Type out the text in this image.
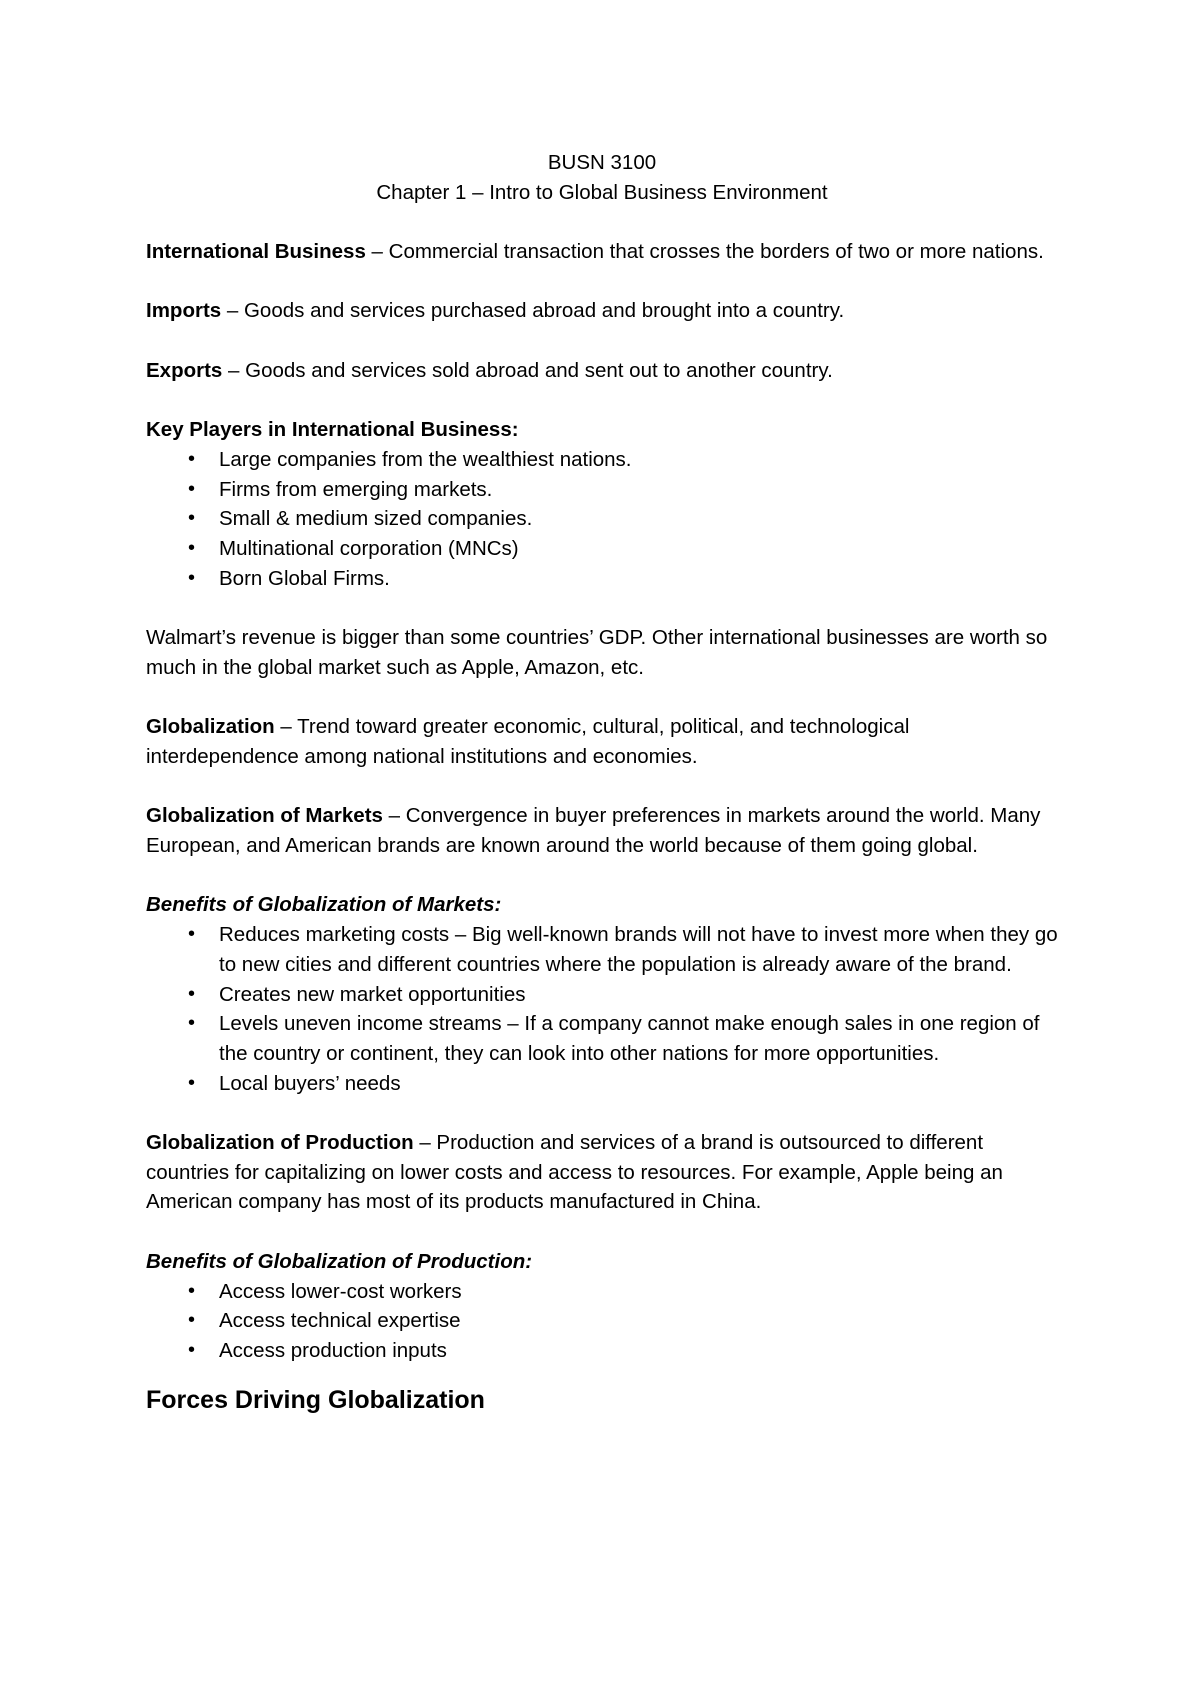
BUSN 3100

Chapter 1 – Intro to Global Business Environment

International Business – Commercial transaction that crosses the borders of two or more nations.

Imports – Goods and services purchased abroad and brought into a country.

Exports – Goods and services sold abroad and sent out to another country.

Key Players in International Business:

• Large companies from the wealthiest nations.
• Firms from emerging markets.
• Small & medium sized companies.
• Multinational corporation (MNCs)
• Born Global Firms.

Walmart’s revenue is bigger than some countries’ GDP. Other international businesses are worth so much in the global market such as Apple, Amazon, etc.

Globalization – Trend toward greater economic, cultural, political, and technological interdependence among national institutions and economies.

Globalization of Markets – Convergence in buyer preferences in markets around the world. Many European, and American brands are known around the world because of them going global.

Benefits of Globalization of Markets:

• Reduces marketing costs – Big well-known brands will not have to invest more when they go to new cities and different countries where the population is already aware of the brand.
• Creates new market opportunities
• Levels uneven income streams – If a company cannot make enough sales in one region of the country or continent, they can look into other nations for more opportunities.
• Local buyers’ needs

Globalization of Production – Production and services of a brand is outsourced to different countries for capitalizing on lower costs and access to resources. For example, Apple being an American company has most of its products manufactured in China.

Benefits of Globalization of Production:

• Access lower-cost workers
• Access technical expertise
• Access production inputs

Forces Driving Globalization
